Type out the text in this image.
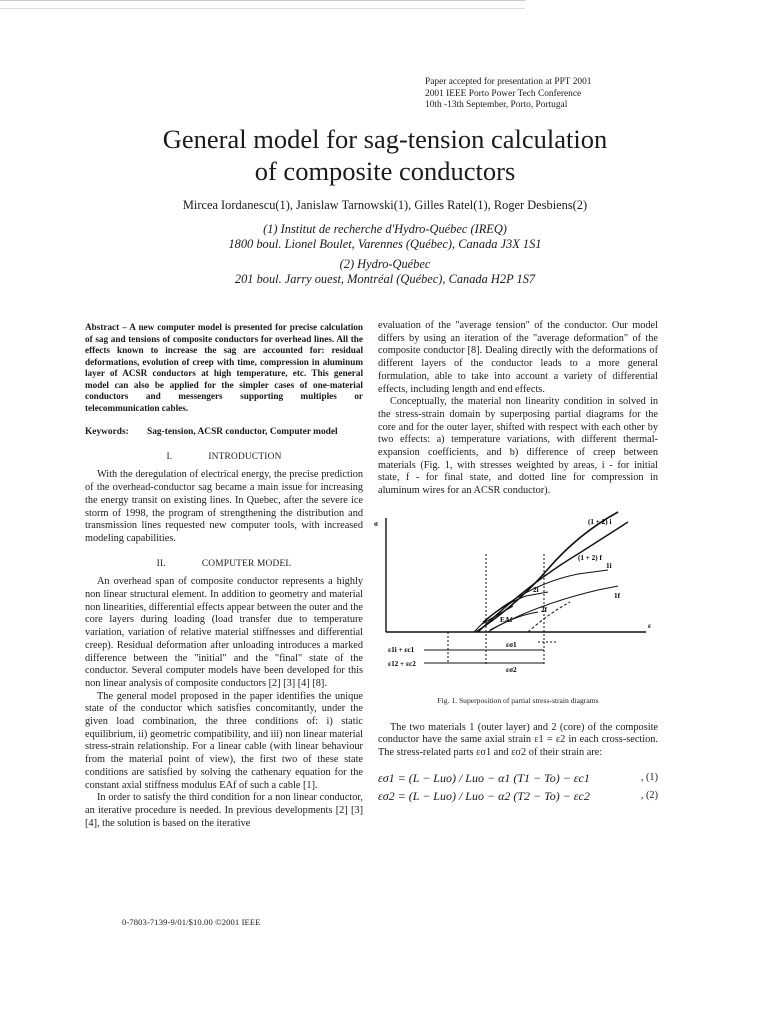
Paper accepted for presentation at PPT 2001
2001 IEEE Porto Power Tech Conference
10th -13th September, Porto, Portugal
General model for sag-tension calculation
of composite conductors
Mircea Iordanescu(1), Janislaw Tarnowski(1), Gilles Ratel(1), Roger Desbiens(2)
(1) Institut de recherche d'Hydro-Québec (IREQ)
1800 boul. Lionel Boulet, Varennes (Québec), Canada J3X 1S1
(2) Hydro-Québec
201 boul. Jarry ouest, Montréal (Québec), Canada H2P 1S7

Abstract – A new computer model is presented for precise calculation of sag and tensions of composite conductors for overhead lines. All the effects known to increase the sag are accounted for: residual deformations, evolution of creep with time, compression in aluminum layer of ACSR conductors at high temperature, etc. This general model can also be applied for the simpler cases of one-material conductors and messengers supporting multiples or telecommunication cables.

Keywords:	Sag-tension, ACSR conductor, Computer model

I.	INTRODUCTION

With the deregulation of electrical energy, the precise prediction of the overhead-conductor sag became a main issue for increasing the energy transit on existing lines. In Quebec, after the severe ice storm of 1998, the program of strengthening the distribution and transmission lines requested new computer tools, with increased modeling capabilities.

II.	COMPUTER MODEL

An overhead span of composite conductor represents a highly non linear structural element. In addition to geometry and material non linearities, differential effects appear between the outer and the core layers during loading (load transfer due to temperature variation, variation of relative material stiffnesses and differential creep). Residual deformation after unloading introduces a marked difference between the "initial" and the "final" state of the conductor. Several computer models have been developed for this non linear analysis of composite conductors [2] [3] [4] [8].

The general model proposed in the paper identifies the unique state of the conductor which satisfies concomitantly, under the given load combination, the three conditions of: i) static equilibrium, ii) geometric compatibility, and iii) non linear material stress-strain relationship. For a linear cable (with linear behaviour from the material point of view), the first two of these state conditions are satisfied by solving the cathenary equation for the constant axial stiffness modulus EAf of such a cable [1].

In order to satisfy the third condition for a non linear conductor, an iterative procedure is needed. In previous developments [2] [3] [4], the solution is based on the iterative

evaluation of the "average tension" of the conductor. Our model differs by using an iteration of the "average deformation" of the composite conductor [8]. Dealing directly with the deformations of different layers of the conductor leads to a more general formulation, able to take into account a variety of differential effects, including length and end effects.

Conceptually, the material non linearity condition in solved in the stress-strain domain by superposing partial diagrams for the core and for the outer layer, shifted with respect with each other by two effects: a) temperature variations, with different thermal-expansion coefficients, and b) difference of creep between materials (Fig. 1, with stresses weighted by areas, i - for initial state, f - for final state, and dotted line for compression in aluminum wires for an ACSR conductor).

σ
ε
(1 + 2) i
(1 + 2) f
1i
1f
2i
2f
EAf
ε1i + εc1
ε12 + εc2
εσ1
εσ2

Fig. 1. Superposition of partial stress-strain diagrams

The two materials 1 (outer layer) and 2 (core) of the composite conductor have the same axial strain ε1 = ε2 in each cross-section. The stress-related parts εσ1 and εσ2 of their strain are:

εσ1 = (L − Luo) / Luo − α1 (T1 − To) − εc1	, (1)
εσ2 = (L − Luo) / Luo − α2 (T2 − To) − εc2	, (2)
0-7803-7139-9/01/$10.00 ©2001 IEEE
